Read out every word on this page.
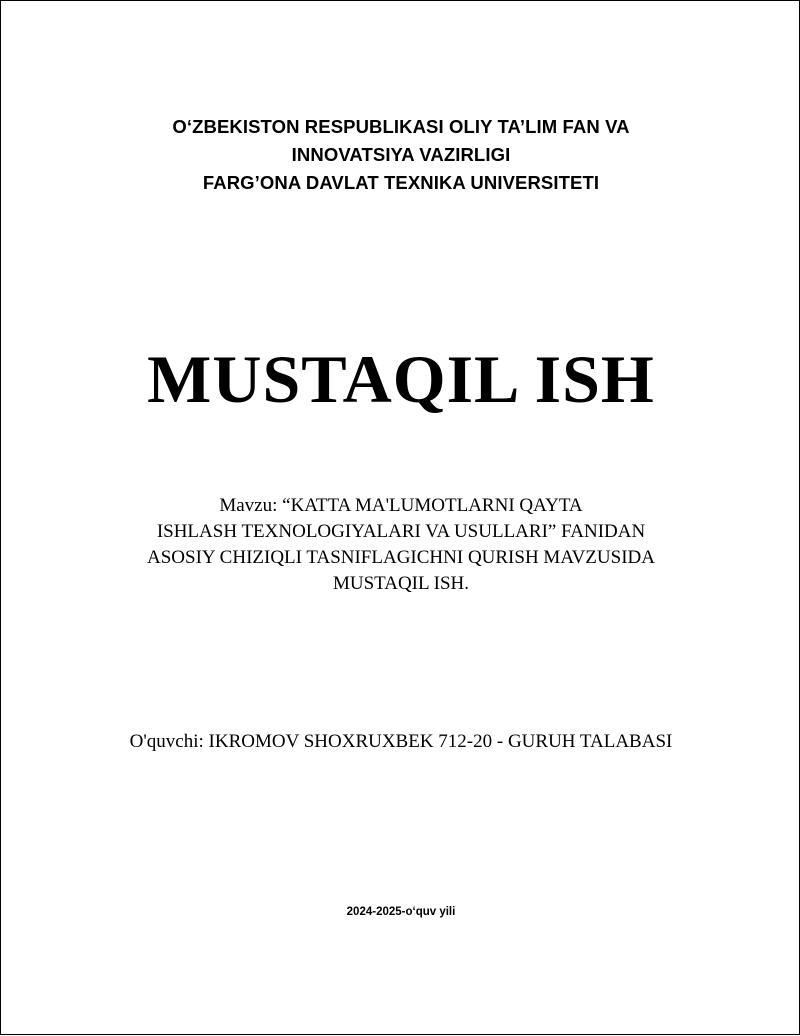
O‘ZBEKISTON RESPUBLIKASI OLIY TA’LIM FAN VA
INNOVATSIYA VAZIRLIGI
FARG’ONA DAVLAT TEXNIKA UNIVERSITETI
MUSTAQIL ISH
Mavzu: “KATTA MA'LUMOTLARNI QAYTA
ISHLASH TEXNOLOGIYALARI VA USULLARI” FANIDAN
ASOSIY CHIZIQLI TASNIFLAGICHNI QURISH MAVZUSIDA
MUSTAQIL ISH.
O'quvchi: IKROMOV SHOXRUXBEK 712-20 - GURUH TALABASI
2024-2025-o‘quv yili
